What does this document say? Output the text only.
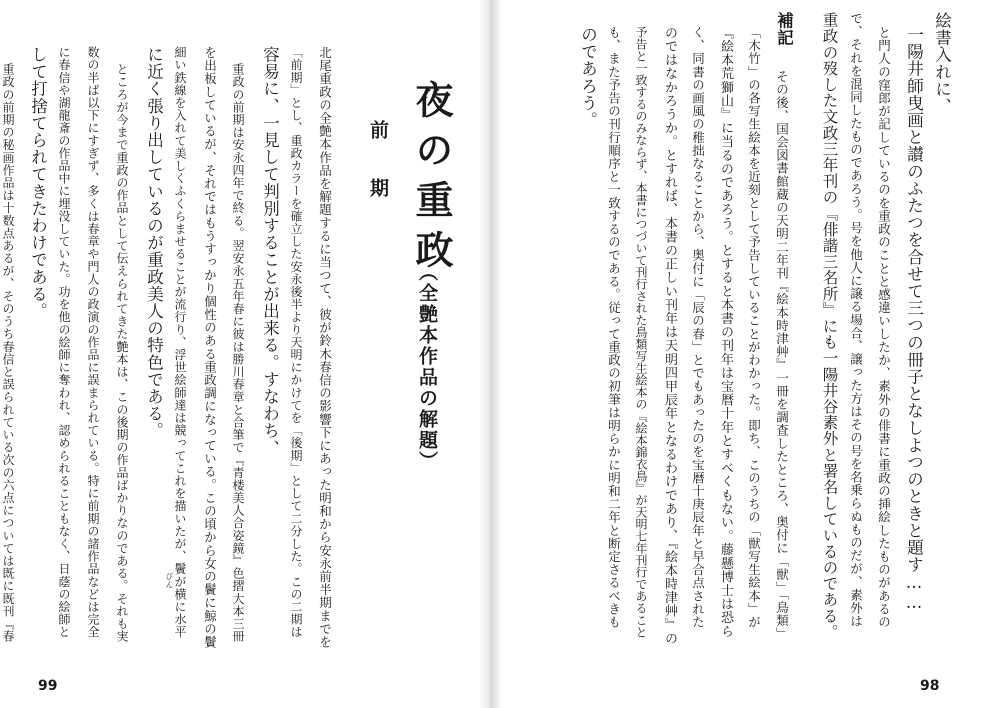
夜の重政
（全艶本作品の解題）
前　期
北尾重政の全艶本作品を解題するに当つて、彼が鈴木春信の影響下にあった明和から安永前半期までを
「前期」とし、重政カラーを確立した安永後半より天明にかけてを「後期」として二分した。この二期は
容易に、一見して判別することが出来る。すなわち、
重政の前期は安永四年で終る。翌安永五年春に彼は勝川春章と合筆で『青楼美人合姿鏡』色摺大本三冊
を出板しているが、それではもうすっかり個性のある重政調になっている。この頃から女の鬢に鯨の鬢
細い鉄線を入れて美しくふくらませることが流行り、浮世絵師達は競ってこれを描いたが、鬢が横に水平
びん
に近く張り出しているのが重政美人の特色である。
ところが今まで重政の作品として伝えられてきた艶本は、この後期の作品ばかりなのである。それも実
数の半ば以下にすぎず、多くは春章や門人の政演の作品に誤まられている。特に前期の諸作品などは完全
に春信や湖龍斎の作品中に埋没していた。功を他の絵師に奪われ、認められることもなく、日蔭の絵師と
して打捨てられてきたわけである。
重政の前期の秘画作品は十数点あるが、そのうち春信と誤られている次の六点については既に既刊『春
99
絵書入れに、
一陽井師曳画と讃のふたつを合せて三つの冊子となしよつのときと題す……
と門人の窪郎が記しているのを重政のことと感違いしたか、素外の俳書に重政の挿絵したものがあるの
で、それを混同したものであろう。号を他人に譲る場合、譲った方はその号を名乗らぬものだが、素外は
重政の歿した文政三年刊の『俳諧三名所』にも一陽井谷素外と署名しているのである。
補記
その後、国会図書館蔵の天明二年刊『絵本時津艸』一冊を調査したところ、奥付に「獣」「鳥類」
「木竹」の各写生絵本を近刻として予告していることがわかった。即ち、このうちの「獣写生絵本」が
『絵本荒獅山』に当るのであろう。とすると本書の刊年は宝暦十年とすべくもない。藤懸博士は恐ら
く、同書の画風の稚拙なることから、奥付に「辰の春」とでもあったのを宝暦十庚辰年と早合点された
のではなかろうか。とすれば、本書の正しい刊年は天明四甲辰年となるわけであり、『絵本時津艸』の
予告と一致するのみならず、本書につづいて刊行された鳥類写生絵本の『絵本錦衣鳥』が天明七年刊行であること
も、また予告の刊行順序と一致するのである。従って重政の初筆は明らかに明和二年と断定さるべきも
のであろう。
98
